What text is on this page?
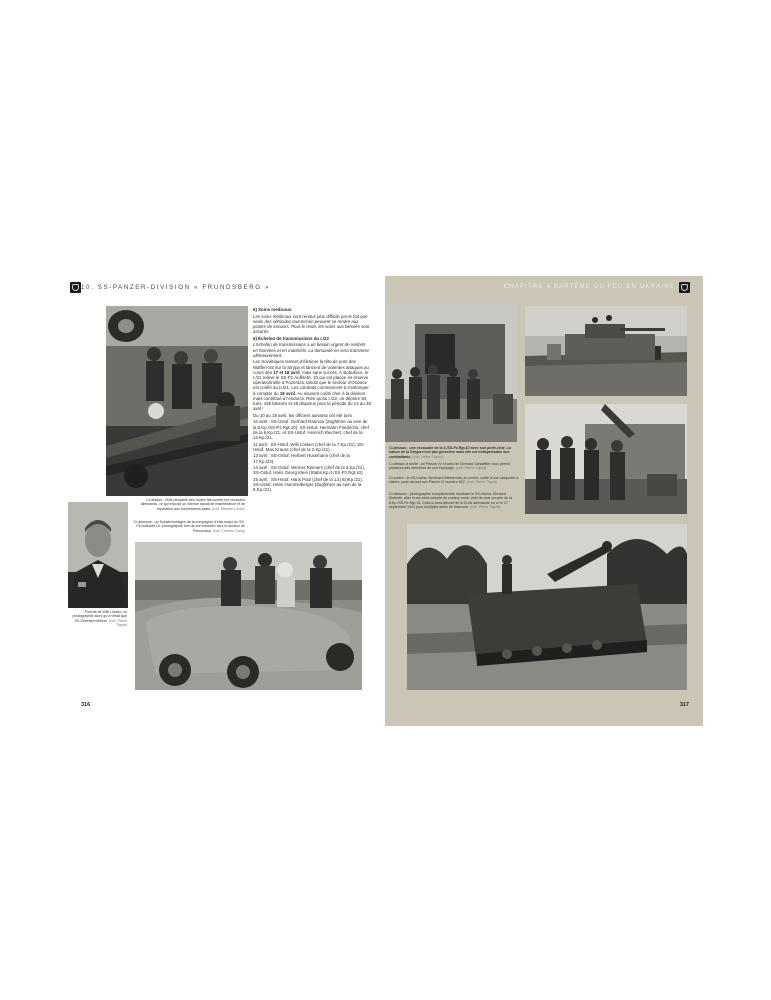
10. SS-PANZER-DIVISION « FRUNDSBERG »
Portrait de Willi Lösken, ici photographié alors qu'il n'était que SS-Obersturmführer. (coll. Pierre Tiquet)
Ci-dessus : l'état pitoyable des routes fait souffrir les véhicules allemands, ce qui impose un intense travail de maintenance et de réparation aux mécaniciens sales. (coll. Michael Locke)
Ci-dessous : un Schwimmwagen de la compagnie d'état-major du SS-Pz.AufklAbt.10, photographié lors de son transfert vers le secteur de Pomorzany. (coll. Charles Trang)

5) Soins médicaux

Les soins médicaux sont rendus plus difficile par le fait que seuls des véhicules tout-terrain peuvent se rendre aux postes de secours. Pour le reste, les soins aux blessés sont assurés.

6) Échelon de transmissions du I./22

L'échelon de transmissions a un besoin urgent de renforts en hommes et en matériels. La demande en sera transmise ultérieurement.

Les Soviétiques tentent d'éliminer la tête de pont des Waffen-SS sur la Strypa et lancent de violentes attaques au cours des 17 et 18 avril, mais sans succès. À Bobulince, le I./21 relève le SS-Pz.AufklAbt. 10 qui est placée en réserve opérationnelle à Pozeritza, tandis que le secteur d'Osowce est confié au II./21. Les combats commencent à s'estomper à compter du 19 avril. Au souvent coûté cher à la division mais contribué à l'endurcir. Rien qu'au I./22, on déplore 84 tués, 195 blessés et 45 disparus pour la période du 14 au 30 avril !

Du 10 au 19 avril, les officiers suivants ont été tués :

10 avril : SS-Ustuf. Gerhard Rannow (Zugführer au sein de la 6.Kp./SS-Pz.Rgt.10), SS-Hstuf. Hermann Friedrichs, chef de la 6.Kp./21, et SS-Ustuf. Heinrich Reichert, chef de la 12.Kp./21.

11 avril : SS-Hstuf. Willi Lösken (chef de la 7.Kp./21), SS-Hstuf. Max Krauss (chef de la 2.Kp./21).

13 avril : SS-Ostuf. Herbert Husemann (chef de la 17.Kp./22).

14 avril : SS-Ostuf. Werner Reimers (chef de la 3.Kp./21), SS-Ostuf. Hans Georg Klein (Stabs.Kp./I./SS-Pz.Rgt.10).

15 avril : SS-Hstuf. Hans Paul (chef de la 13.(IG)Kp./21), SS-Ustuf. Hans Hummelberger (Zugführer au sein de la 8.Kp./21).

316
CHAPITRE 4 BAPTÊME DU FEU EN UKRAINE
Ci-dessus : une escouade de la 4./SS-Pz.Rgt.10 avec son porte-char. La nature de la Strypa n'est pas grossière mais elle est indispensable aux combattants. (coll. Pierre Tiquet)
Ci-dessus à droite : un Panzer IV et celui de Gerhard Schaeffler, tous prirent plusieurs des membres de son équipage. (coll. Pierre Tiquet)
Ci-contre : le SS-Uscha. Bernhard Westerholt, au centre, coiffé d'une casquette à visière, pose devant son Panzer IV numéro 622. (coll. Pierre Tiquet)
Ci-dessous : photographie exceptionnelle montrant le SS-Uscha. Ehrhard Elsbroth, aller d'une série croisée de couleur noire, chef de char au sein de la 6.Kp./SS-Pz.Rgt.10. Celui-ci sera décoré de la Croix allemande en or le 17 septembre 1944 pour multiples actes de bravoure. (coll. Pierre Tiquet)
317
